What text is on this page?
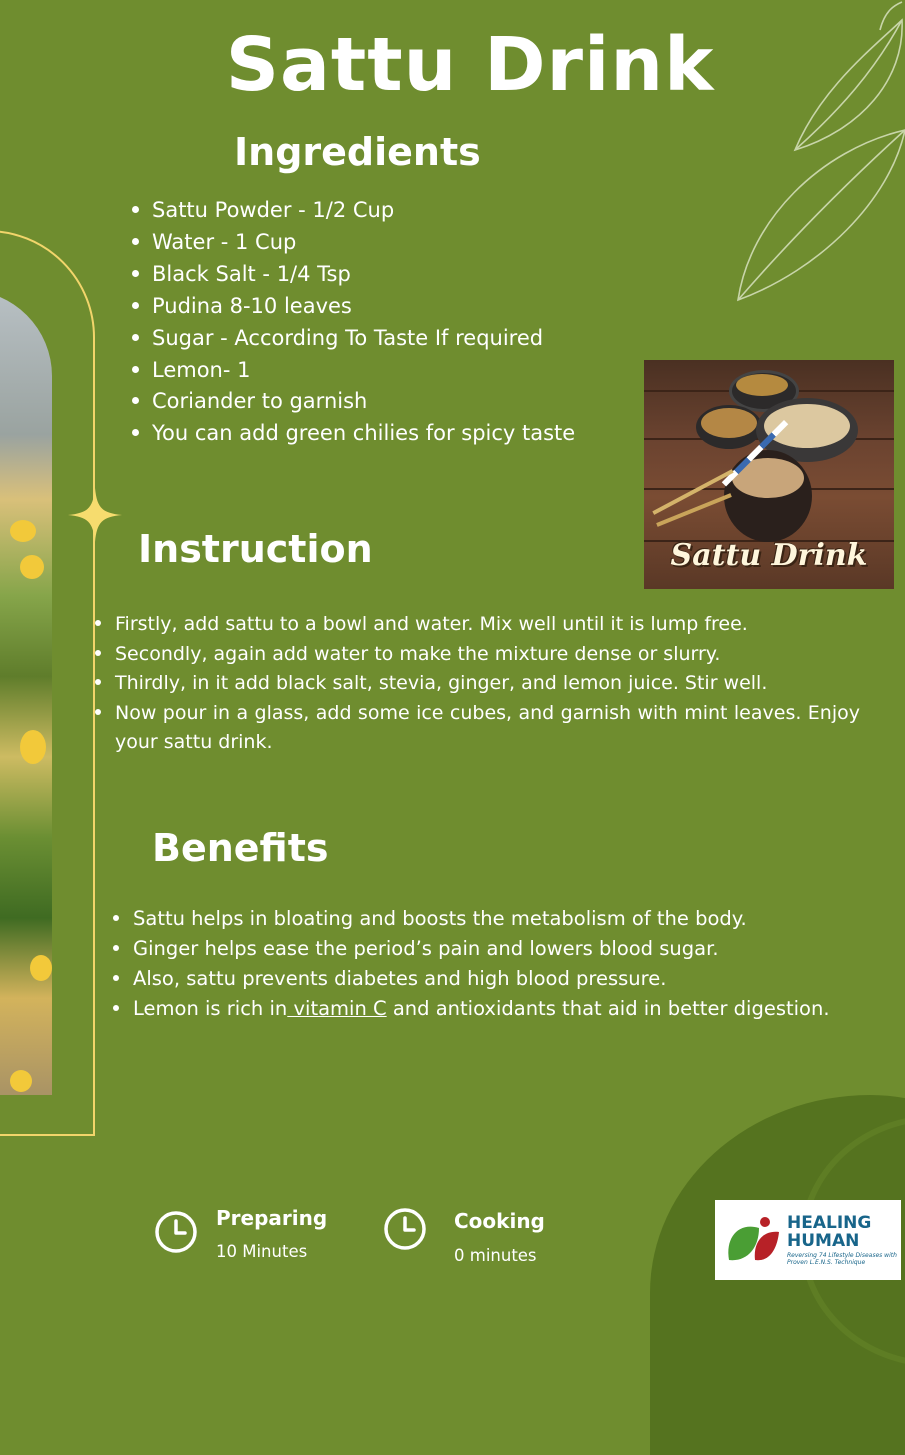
Sattu Drink
Ingredients
Sattu Powder - 1/2 Cup
Water - 1 Cup
Black Salt - 1/4 Tsp
Pudina 8-10 leaves
Sugar - According To Taste If required
Lemon- 1
Coriander to garnish
You can add green chilies for spicy taste
Sattu Drink
Instruction
Firstly, add sattu to a bowl and water. Mix well until it is lump free.
Secondly, again add water to make the mixture dense or slurry.
Thirdly, in it add black salt, stevia, ginger, and lemon juice. Stir well.
Now pour in a glass, add some ice cubes, and garnish with mint leaves. Enjoy your sattu drink.
Benefits
Sattu helps in bloating and boosts the metabolism of the body.
Ginger helps ease the period’s pain and lowers blood sugar.
Also, sattu prevents diabetes and high blood pressure.
Lemon is rich in vitamin C and antioxidants that aid in better digestion.
Preparing
10 Minutes
Cooking
0 minutes
HEALING
HUMAN
Reversing 74 Lifestyle Diseases with Proven L.E.N.S. Technique
